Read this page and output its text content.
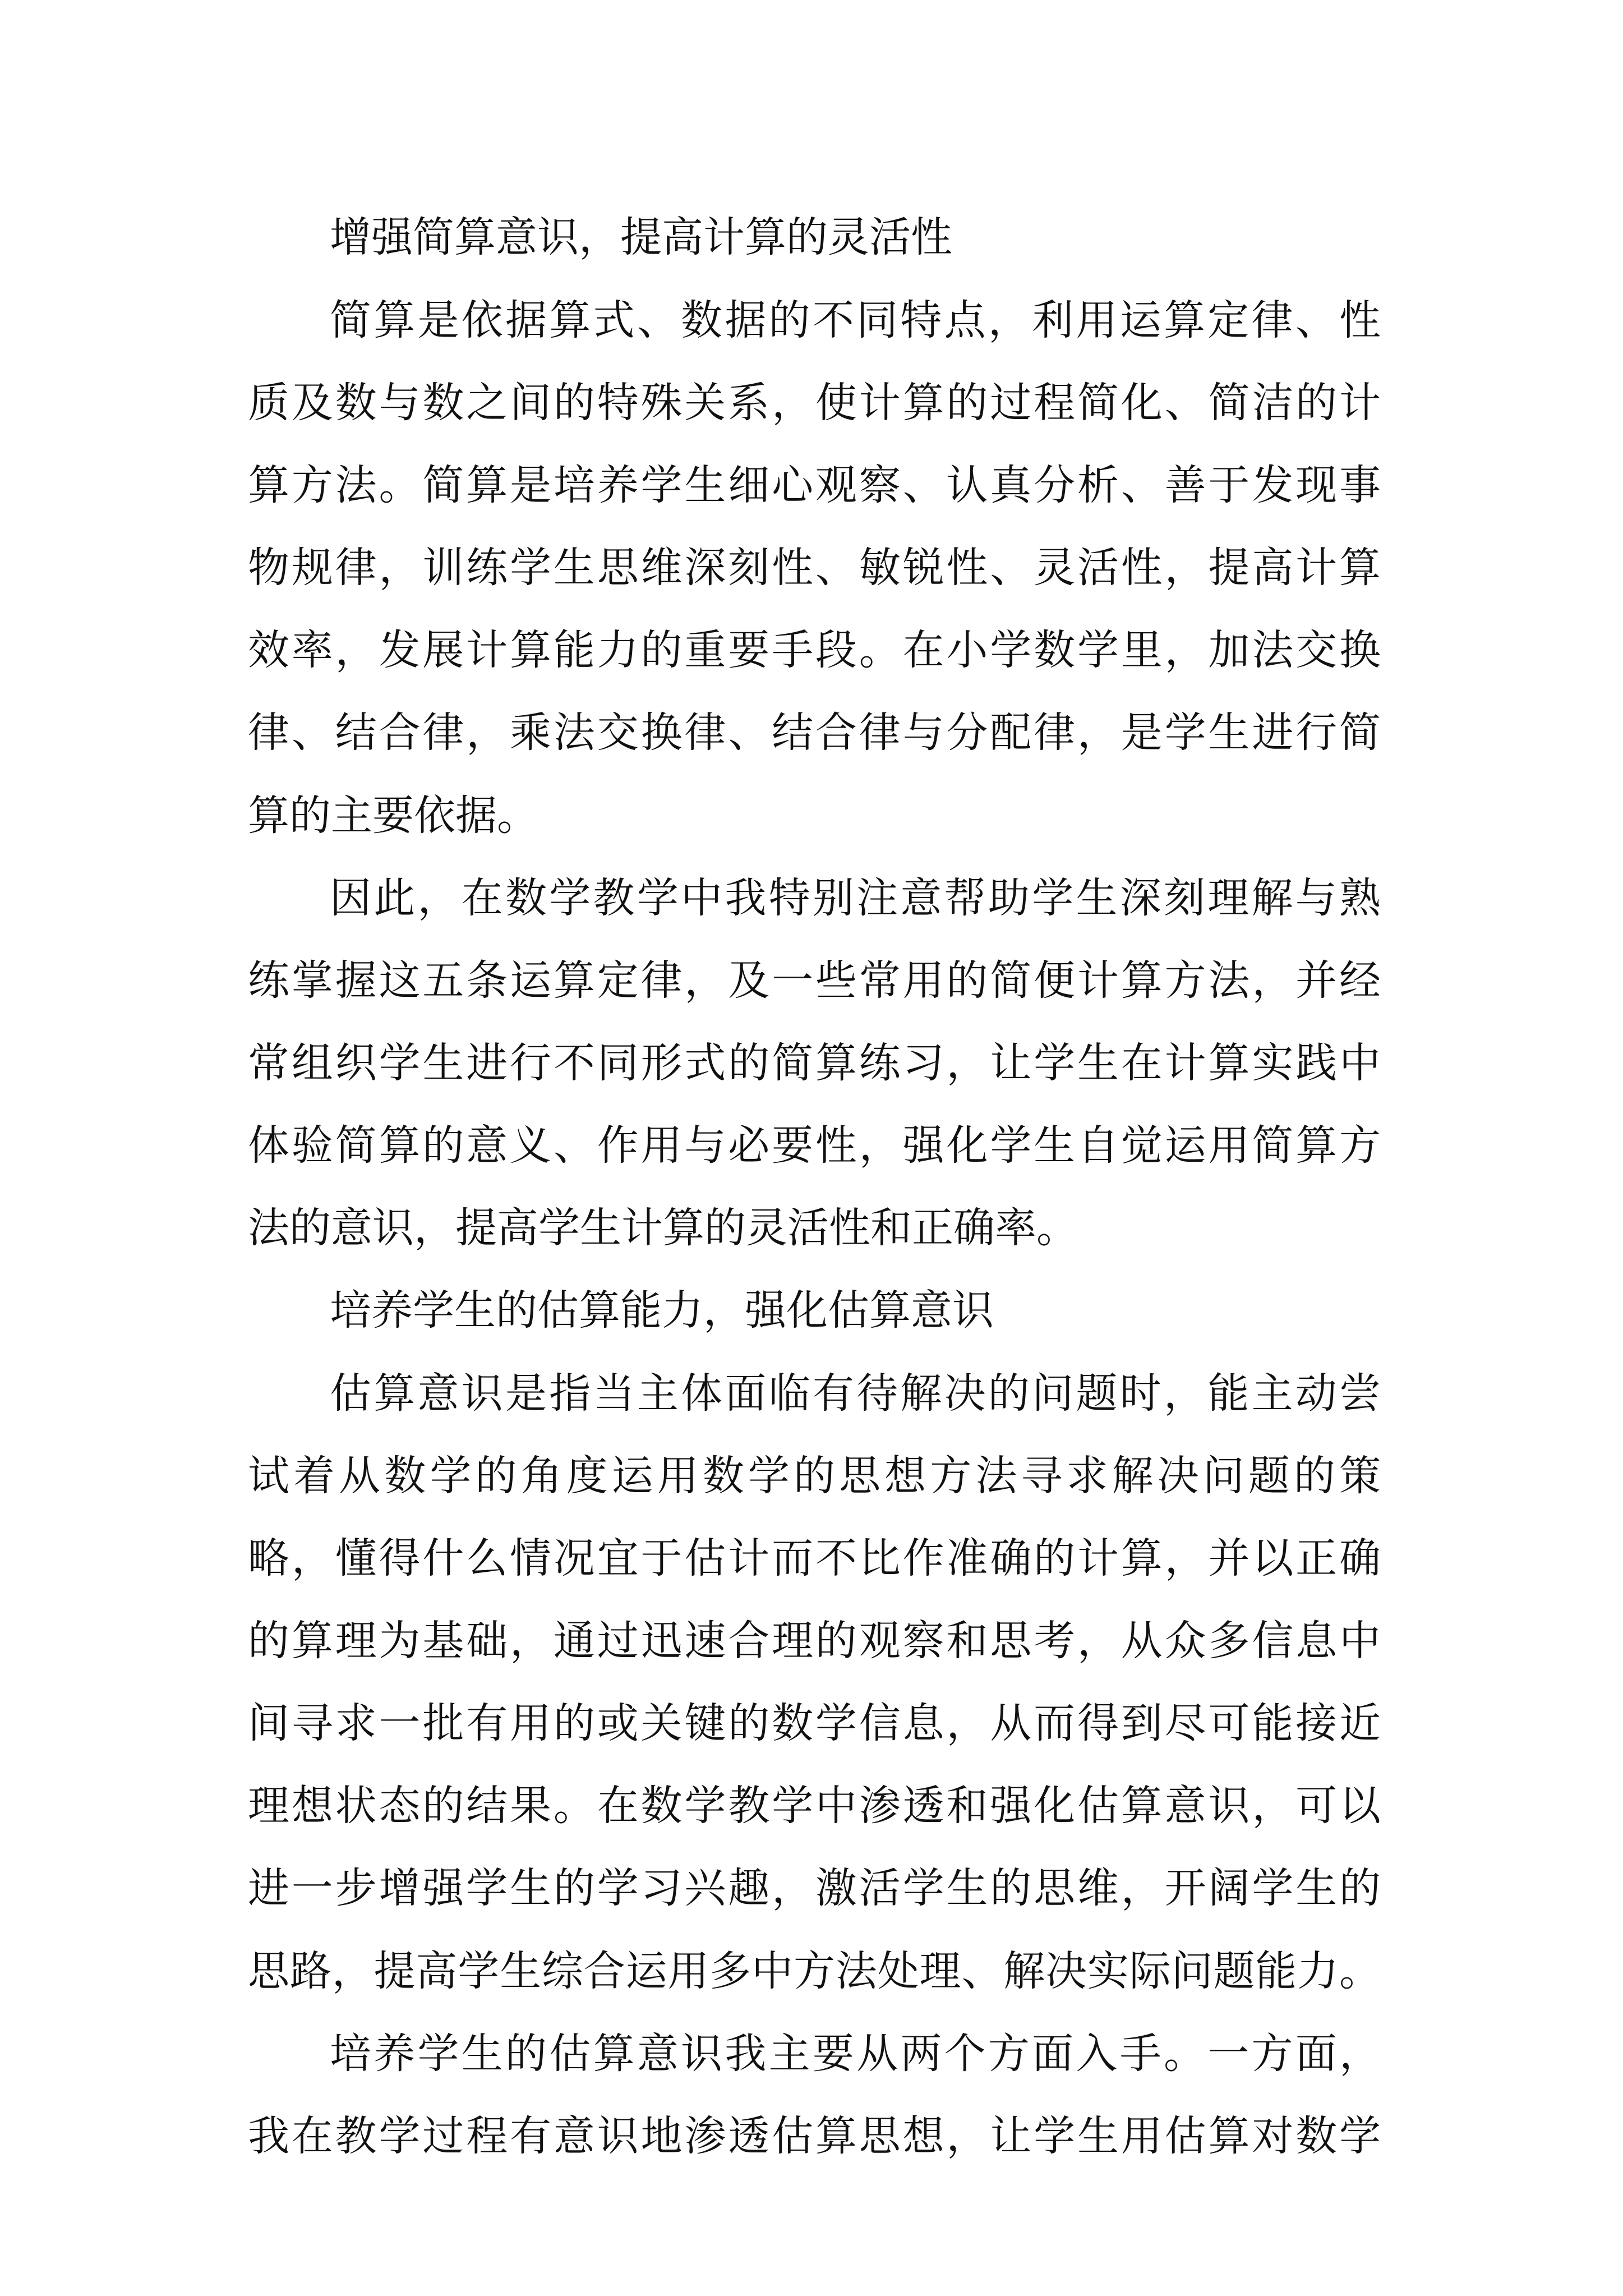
增强简算意识，提高计算的灵活性

简算是依据算式、数据的不同特点，利用运算定律、性

质及数与数之间的特殊关系，使计算的过程简化、简洁的计

算方法。简算是培养学生细心观察、认真分析、善于发现事

物规律，训练学生思维深刻性、敏锐性、灵活性，提高计算

效率，发展计算能力的重要手段。在小学数学里，加法交换

律、结合律，乘法交换律、结合律与分配律，是学生进行简

算的主要依据。

因此，在数学教学中我特别注意帮助学生深刻理解与熟

练掌握这五条运算定律，及一些常用的简便计算方法，并经

常组织学生进行不同形式的简算练习，让学生在计算实践中

体验简算的意义、作用与必要性，强化学生自觉运用简算方

法的意识，提高学生计算的灵活性和正确率。

培养学生的估算能力，强化估算意识

估算意识是指当主体面临有待解决的问题时，能主动尝

试着从数学的角度运用数学的思想方法寻求解决问题的策

略，懂得什么情况宜于估计而不比作准确的计算，并以正确

的算理为基础，通过迅速合理的观察和思考，从众多信息中

间寻求一批有用的或关键的数学信息，从而得到尽可能接近

理想状态的结果。在数学教学中渗透和强化估算意识，可以

进一步增强学生的学习兴趣，激活学生的思维，开阔学生的

思路，提高学生综合运用多中方法处理、解决实际问题能力。

培养学生的估算意识我主要从两个方面入手。一方面，

我在教学过程有意识地渗透估算思想，让学生用估算对数学
